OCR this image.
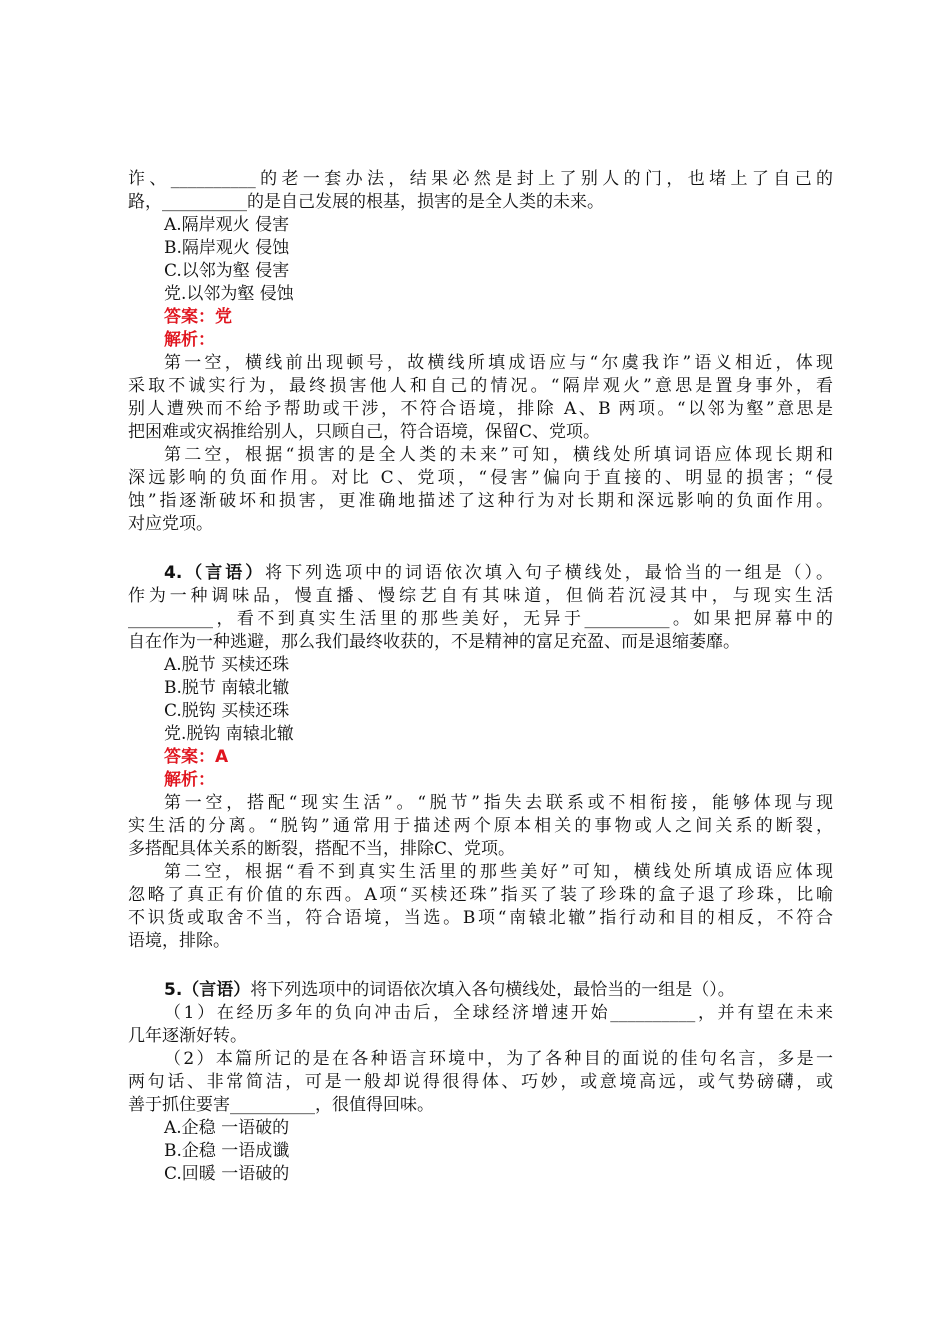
诈、__________的老一套办法，结果必然是封上了别人的门，也堵上了自己的
路，__________的是自己发展的根基，损害的是全人类的未来。
A.隔岸观火 侵害
B.隔岸观火 侵蚀
C.以邻为壑 侵害
党.以邻为壑 侵蚀
答案：党
解析：
第一空，横线前出现顿号，故横线所填成语应与“尔虞我诈”语义相近，体现
采取不诚实行为，最终损害他人和自己的情况。“隔岸观火”意思是置身事外，看
别人遭殃而不给予帮助或干涉，不符合语境，排除 A、B 两项。“以邻为壑”意思是
把困难或灾祸推给别人，只顾自己，符合语境，保留C、党项。
第二空，根据“损害的是全人类的未来”可知，横线处所填词语应体现长期和
深远影响的负面作用。对比 C、党项，“侵害”偏向于直接的、明显的损害；“侵
蚀”指逐渐破坏和损害，更准确地描述了这种行为对长期和深远影响的负面作用。
对应党项。
4.（言语）将下列选项中的词语依次填入句子横线处，最恰当的一组是（）。
作为一种调味品，慢直播、慢综艺自有其味道，但倘若沉浸其中，与现实生活
__________，看不到真实生活里的那些美好，无异于__________。如果把屏幕中的
自在作为一种逃避，那么我们最终收获的，不是精神的富足充盈、而是退缩萎靡。
A.脱节 买椟还珠
B.脱节 南辕北辙
C.脱钩 买椟还珠
党.脱钩 南辕北辙
答案：A
解析：
第一空，搭配“现实生活”。“脱节”指失去联系或不相衔接，能够体现与现
实生活的分离。“脱钩”通常用于描述两个原本相关的事物或人之间关系的断裂，
多搭配具体关系的断裂，搭配不当，排除C、党项。
第二空，根据“看不到真实生活里的那些美好”可知，横线处所填成语应体现
忽略了真正有价值的东西。A项“买椟还珠”指买了装了珍珠的盒子退了珍珠，比喻
不识货或取舍不当，符合语境，当选。B项“南辕北辙”指行动和目的相反，不符合
语境，排除。
5.（言语）将下列选项中的词语依次填入各句横线处，最恰当的一组是（）。
（1）在经历多年的负向冲击后，全球经济增速开始__________，并有望在未来
几年逐渐好转。
（2）本篇所记的是在各种语言环境中，为了各种目的面说的佳句名言，多是一
两句话、非常简洁，可是一般却说得很得体、巧妙，或意境高远，或气势磅礴，或
善于抓住要害__________，很值得回味。
A.企稳 一语破的
B.企稳 一语成谶
C.回暖 一语破的
